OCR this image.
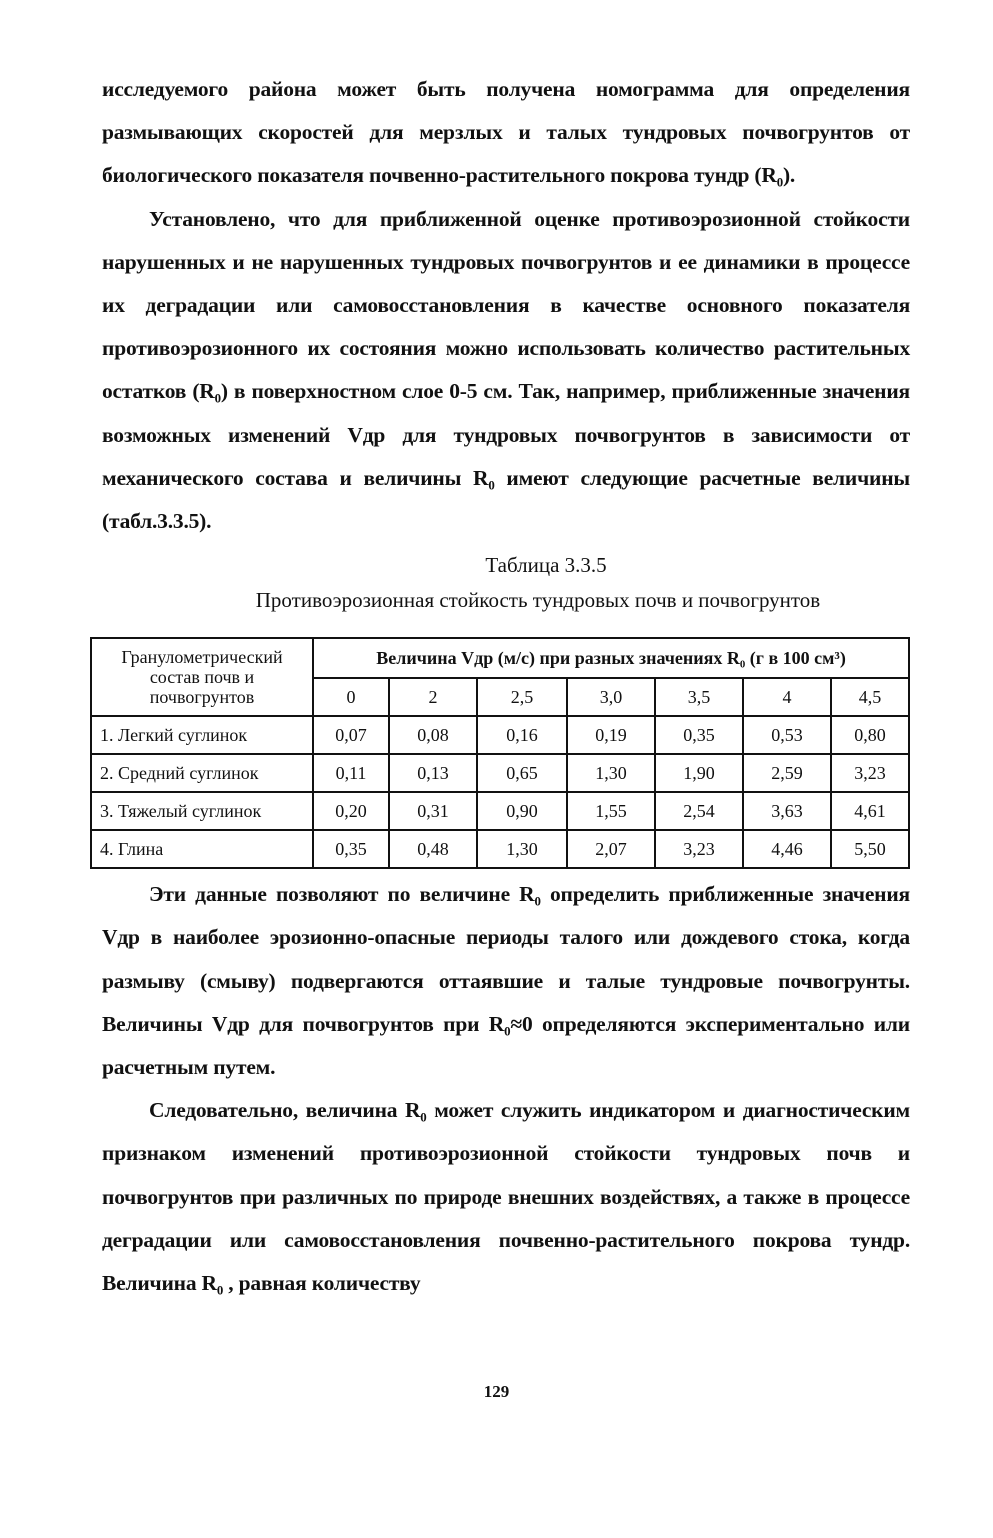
исследуемого района может быть получена номограмма для определения размывающих скоростей для мерзлых и талых тундровых почвогрунтов от биологического показателя почвенно-растительного покрова тундр (R₀).

Установлено, что для приближенной оценке противоэрозионной стойкости нарушенных и не нарушенных тундровых почвогрунтов и ее динамики в процессе их деградации или самовосстановления в качестве основного показателя противоэрозионного их состояния можно использовать количество растительных остатков (R₀) в поверхностном слое 0-5 см. Так, например, приближенные значения возможных изменений Vдр для тундровых почвогрунтов в зависимости от механического состава и величины R₀ имеют следующие расчетные величины (табл.3.3.5).

Таблица 3.3.5

Противоэрозионная стойкость тундровых почв и почвогрунтов

Гранулометрический состав почв и почвогрунтов	Величина Vдр (м/с) при разных значениях R₀ (г в 100 см³)						
	0	2	2,5	3,0	3,5	4	4,5
1. Легкий суглинок	0,07	0,08	0,16	0,19	0,35	0,53	0,80
2. Средний суглинок	0,11	0,13	0,65	1,30	1,90	2,59	3,23
3. Тяжелый суглинок	0,20	0,31	0,90	1,55	2,54	3,63	4,61
4. Глина	0,35	0,48	1,30	2,07	3,23	4,46	5,50

Эти данные позволяют по величине R₀ определить приближенные значения Vдр в наиболее эрозионно-опасные периоды талого или дождевого стока, когда размыву (смыву) подвергаются оттаявшие и талые тундровые почвогрунты. Величины Vдр для почвогрунтов при R₀≈0 определяются экспериментально или расчетным путем.

Следовательно, величина R₀ может служить индикатором и диагностическим признаком изменений противоэрозионной стойкости тундровых почв и почвогрунтов при различных по природе внешних воздействях, а также в процессе деградации или самовосстановления почвенно-растительного покрова тундр. Величина R₀ , равная количеству

129
